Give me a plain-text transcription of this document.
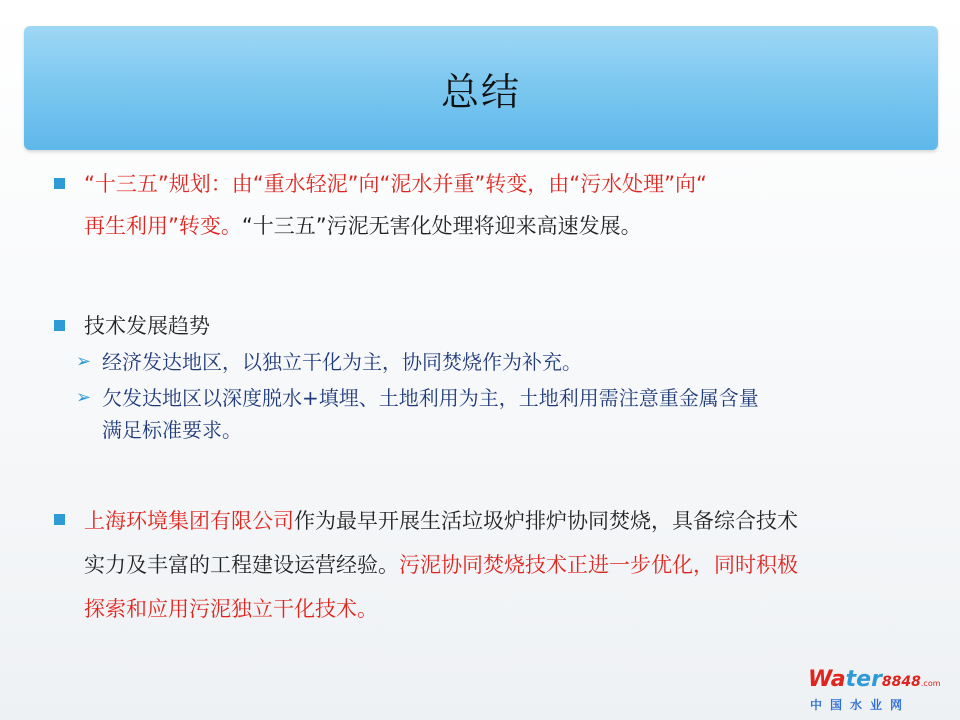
总结
“十三五”规划：由“重水轻泥”向“泥水并重”转变，由“污水处理”向“
再生利用”转变。“十三五”污泥无害化处理将迎来高速发展。
技术发展趋势
➢ 经济发达地区，以独立干化为主，协同焚烧作为补充。
➢ 欠发达地区以深度脱水+填埋、土地利用为主，土地利用需注意重金属含量
满足标准要求。
上海环境集团有限公司作为最早开展生活垃圾炉排炉协同焚烧，具备综合技术
实力及丰富的工程建设运营经验。污泥协同焚烧技术正进一步优化，同时积极
探索和应用污泥独立干化技术。
Water8848.com
中国水业网
